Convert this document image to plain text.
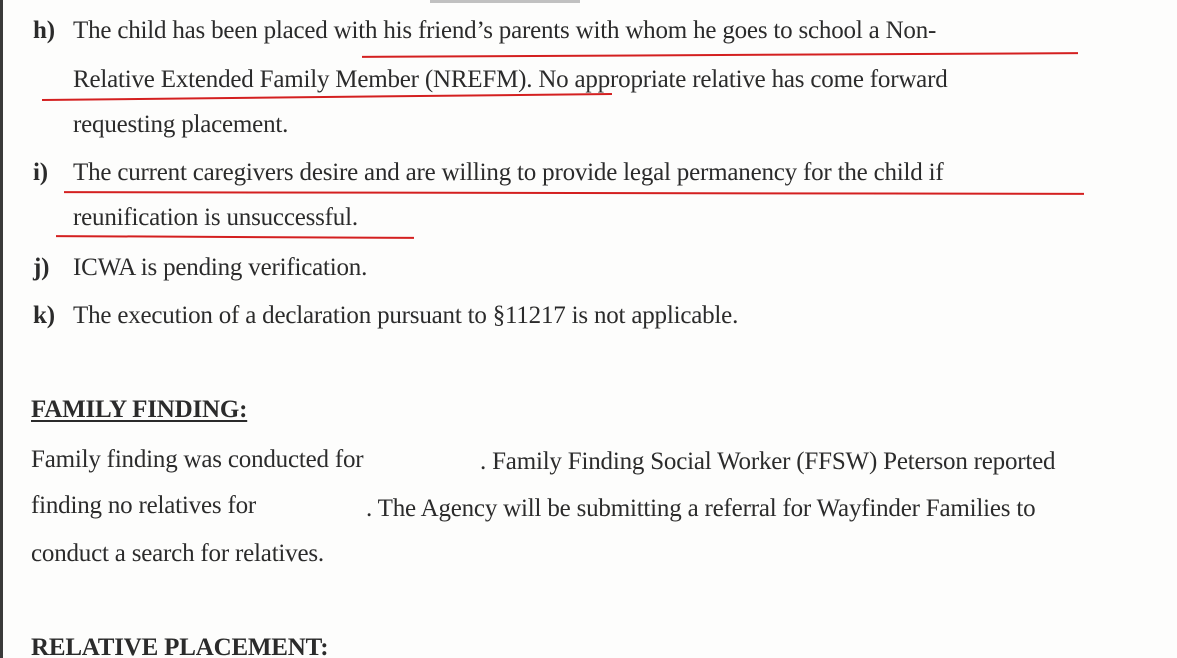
h) The child has been placed with his friend’s parents with whom he goes to school a Non-
Relative Extended Family Member (NREFM). No appropriate relative has come forward
requesting placement.
i) The current caregivers desire and are willing to provide legal permanency for the child if
reunification is unsuccessful.
j) ICWA is pending verification.
k) The execution of a declaration pursuant to §11217 is not applicable.
FAMILY FINDING:
Family finding was conducted for	. Family Finding Social Worker (FFSW) Peterson reported
finding no relatives for	. The Agency will be submitting a referral for Wayfinder Families to
conduct a search for relatives.
RELATIVE PLACEMENT:
